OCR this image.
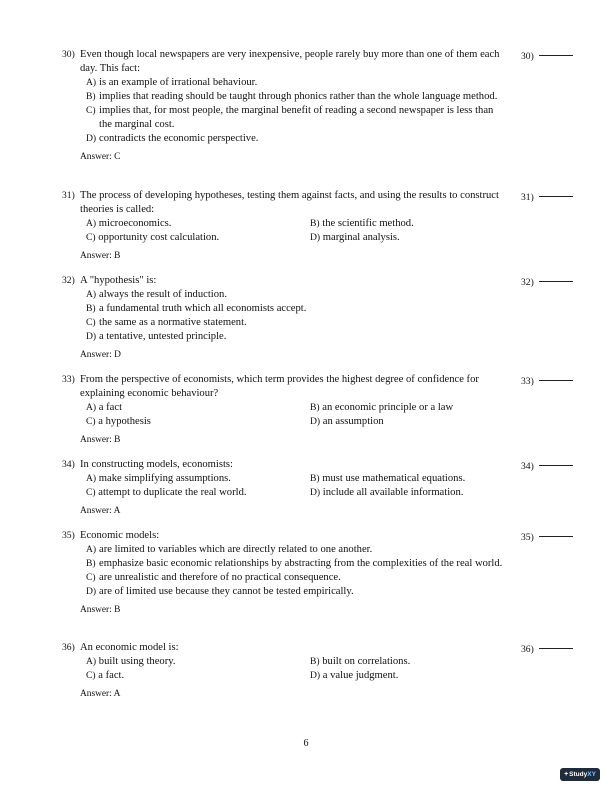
30) Even though local newspapers are very inexpensive, people rarely buy more than one of them each day. This fact:
30)
A) is an example of irrational behaviour.
B) implies that reading should be taught through phonics rather than the whole language method.
C) implies that, for most people, the marginal benefit of reading a second newspaper is less than the marginal cost.
D) contradicts the economic perspective.
Answer: C
31) The process of developing hypotheses, testing them against facts, and using the results to construct theories is called:
31)
A) microeconomics.	B) the scientific method.
C) opportunity cost calculation.	D) marginal analysis.
Answer: B
32) A "hypothesis" is:	32)
A) always the result of induction.
B) a fundamental truth which all economists accept.
C) the same as a normative statement.
D) a tentative, untested principle.
Answer: D
33) From the perspective of economists, which term provides the highest degree of confidence for explaining economic behaviour?
33)
A) a fact	B) an economic principle or a law
C) a hypothesis	D) an assumption
Answer: B
34) In constructing models, economists:	34)
A) make simplifying assumptions.	B) must use mathematical equations.
C) attempt to duplicate the real world.	D) include all available information.
Answer: A
35) Economic models:	35)
A) are limited to variables which are directly related to one another.
B) emphasize basic economic relationships by abstracting from the complexities of the real world.
C) are unrealistic and therefore of no practical consequence.
D) are of limited use because they cannot be tested empirically.
Answer: B
36) An economic model is:	36)
A) built using theory.	B) built on correlations.
C) a fact.	D) a value judgment.
Answer: A
6
+StudyXY
